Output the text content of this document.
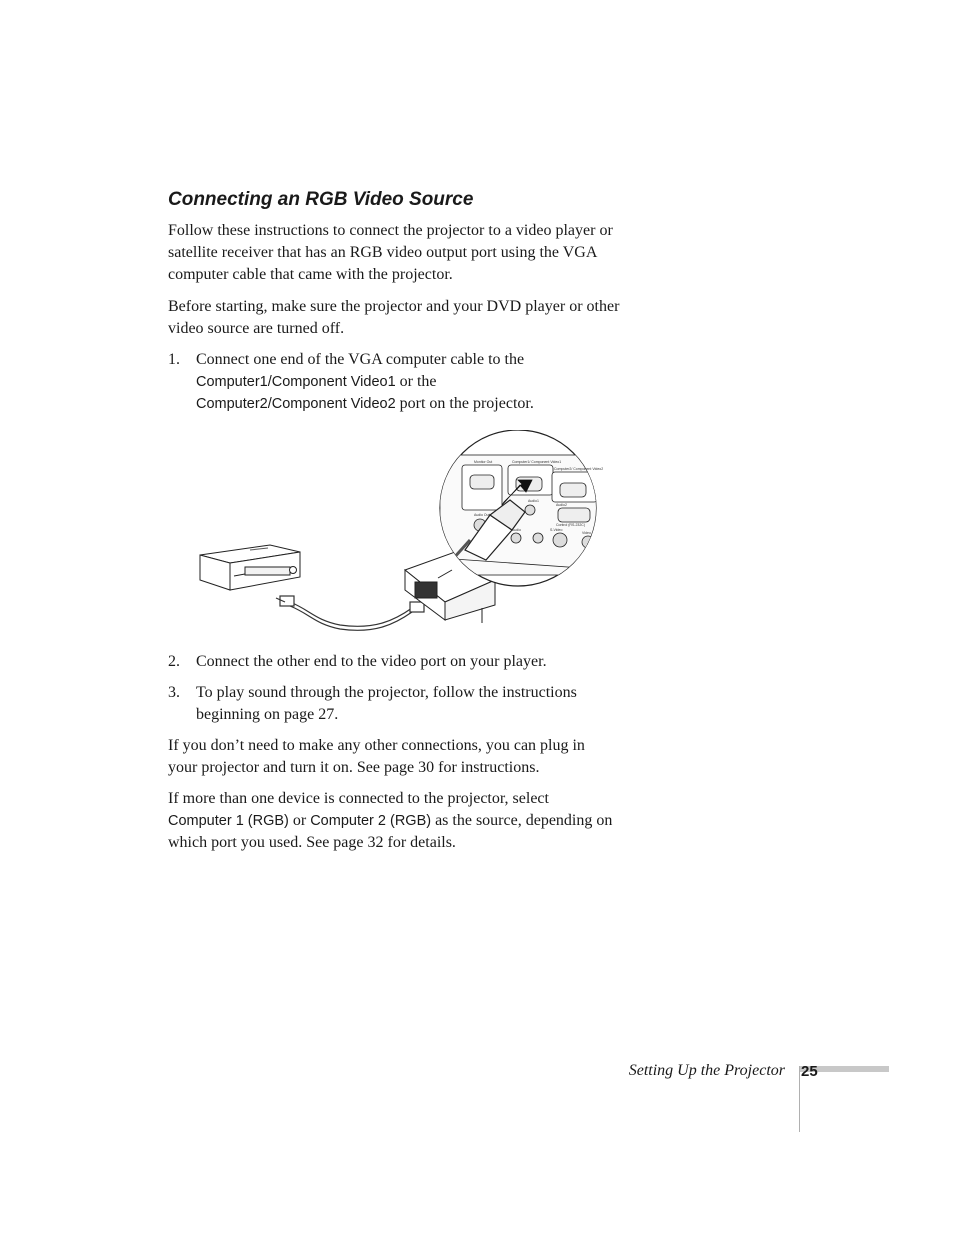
Connecting an RGB Video Source

Follow these instructions to connect the projector to a video player or satellite receiver that has an RGB video output port using the VGA computer cable that came with the projector.

Before starting, make sure the projector and your DVD player or other video source are turned off.

1. Connect one end of the VGA computer cable to the
Computer1/Component Video1 or the
Computer2/Component Video2 port on the projector.
Monitor Out	Computer1/ Component Video1
Computer2/ Component Video2
Audio Out
Audio1
Audio2
Control (RS-232C)
Audio	S-Video
Video
2. Connect the other end to the video port on your player.
3. To play sound through the projector, follow the instructions beginning on page 27.

If you don’t need to make any other connections, you can plug in your projector and turn it on. See page 30 for instructions.

If more than one device is connected to the projector, select
Computer 1 (RGB) or Computer 2 (RGB) as the source, depending on which port you used. See page 32 for details.

Setting Up the Projector 25
